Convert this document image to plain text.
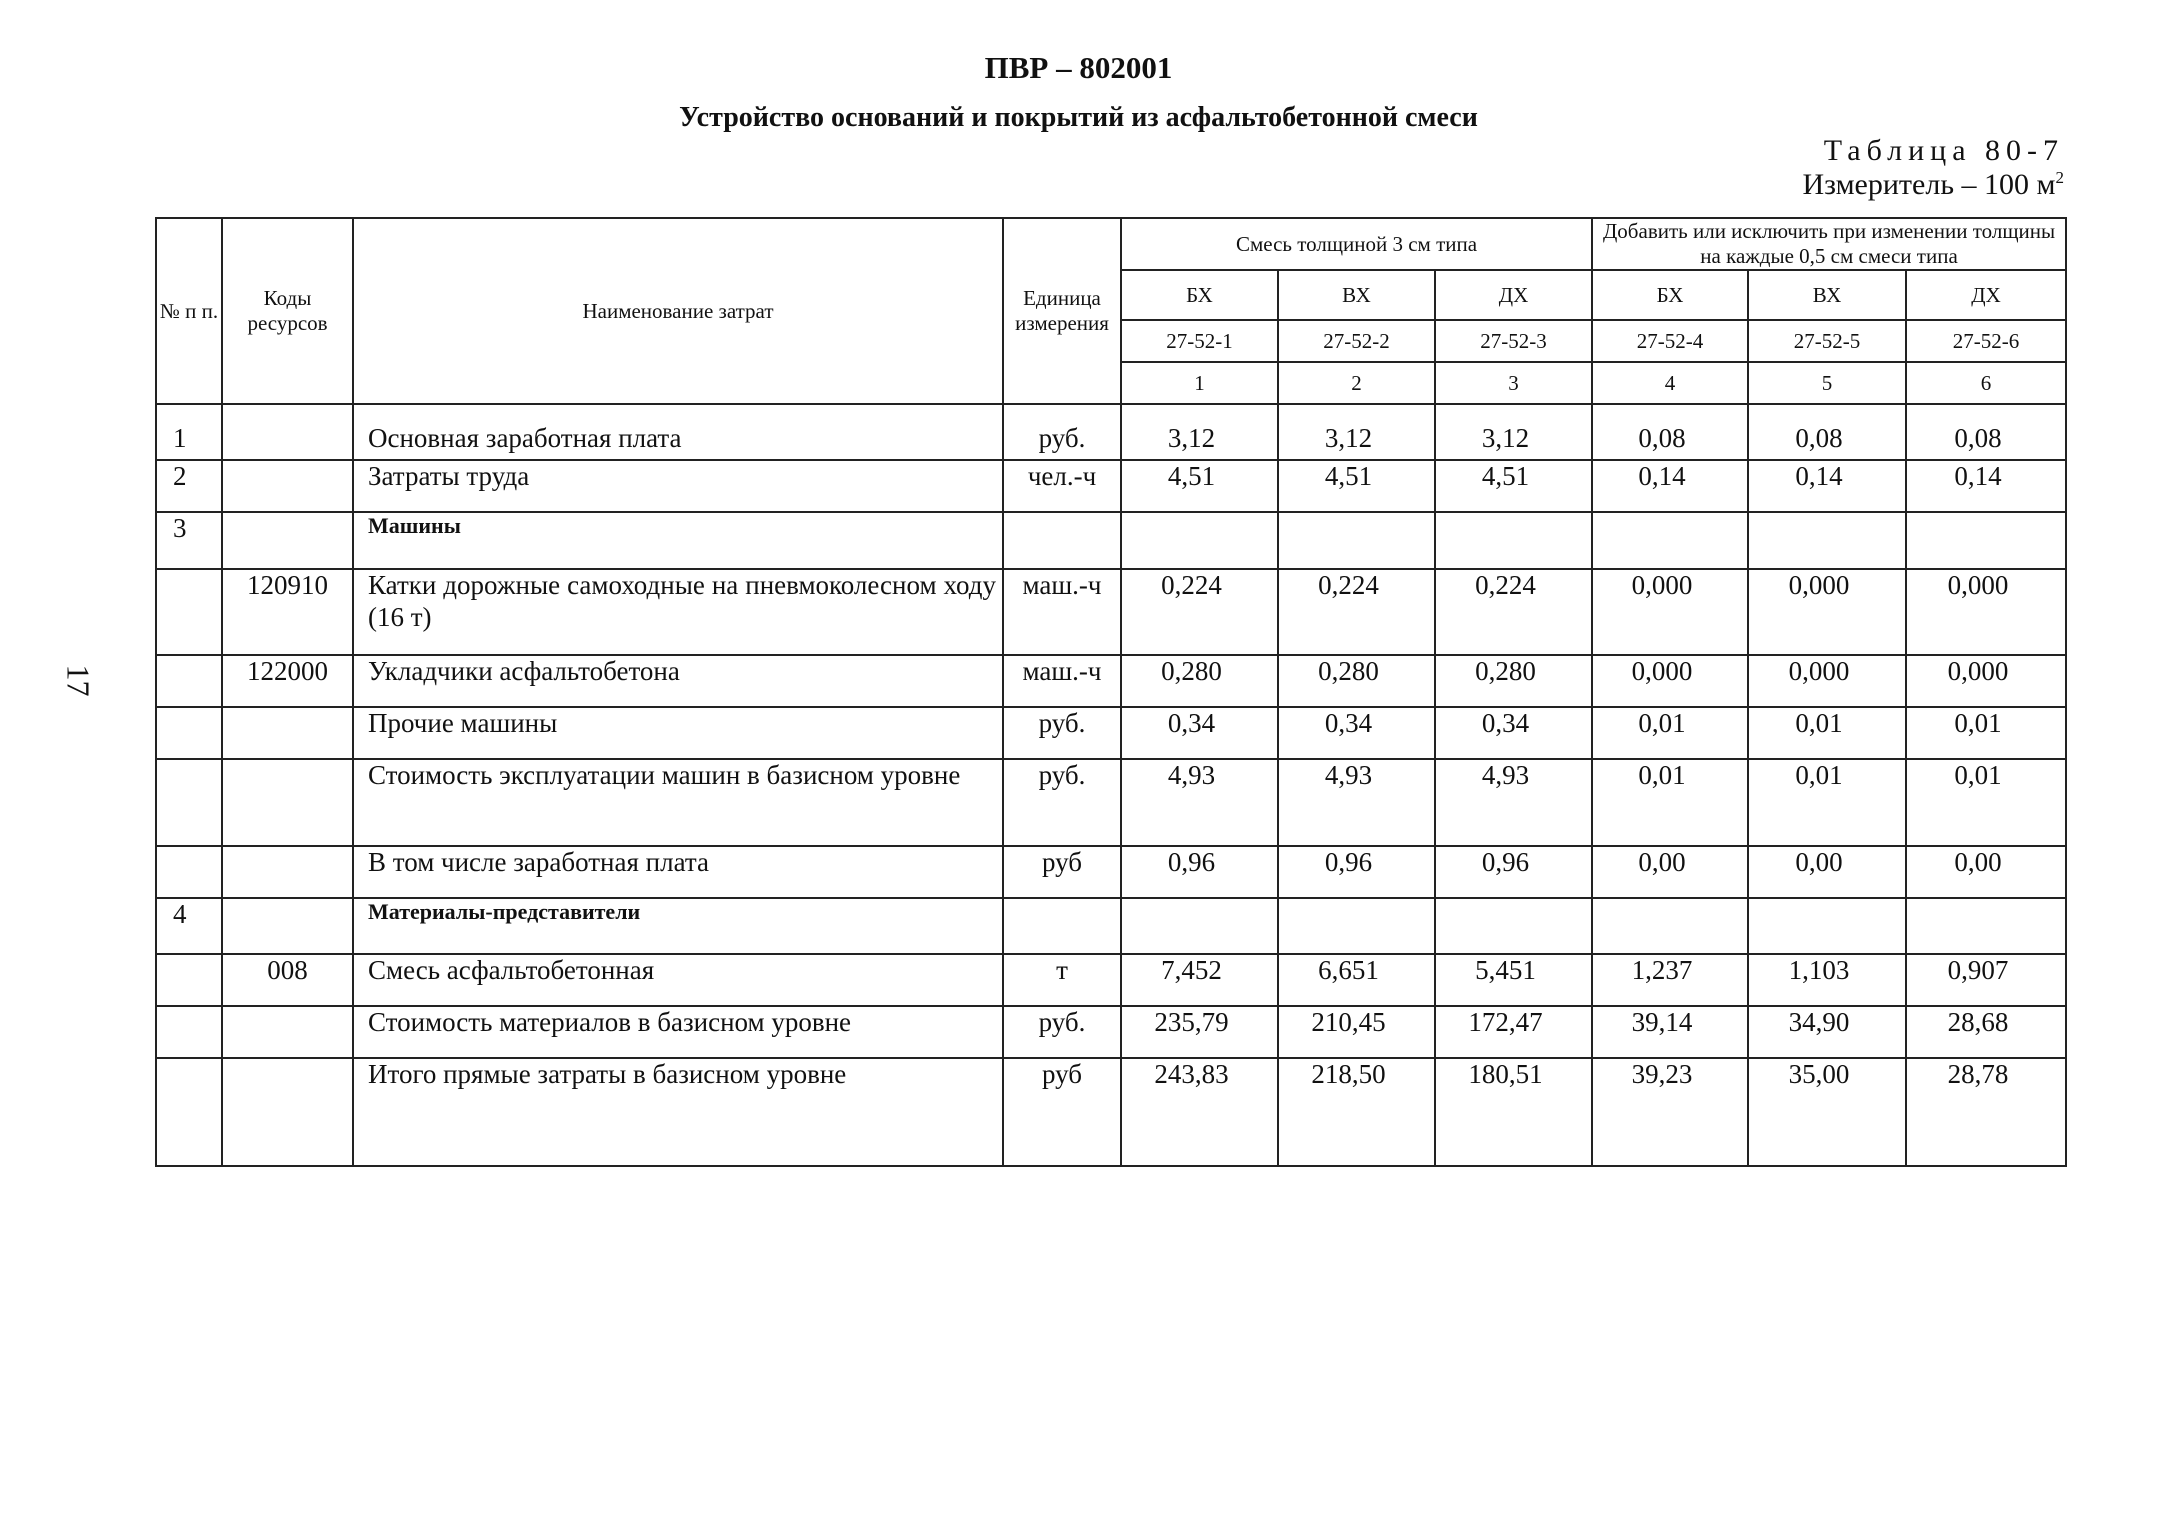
ПВР – 802001
Устройство оснований и покрытий из асфальтобетонной смеси
Таблица 80-7
Измеритель – 100 $м^2$
17
№ п п.	Коды ресурсов	Наименование затрат	Единица измерения	Смесь толщиной 3 см типа			Добавить или исключить при изменении толщины на каждые 0,5 см смеси типа		
				БХ	ВХ	ДХ	БХ	ВХ	ДХ
				27-52-1	27-52-2	27-52-3	27-52-4	27-52-5	27-52-6
				1	2	3	4	5	6
1		Основная заработная плата	руб.	3,12	3,12	3,12	0,08	0,08	0,08
2		Затраты труда	чел.-ч	4,51	4,51	4,51	0,14	0,14	0,14
3		Машины							
	120910	Катки дорожные самоходные на пневмоколесном ходу (16 т)	маш.-ч	0,224	0,224	0,224	0,000	0,000	0,000
	122000	Укладчики асфальтобетона	маш.-ч	0,280	0,280	0,280	0,000	0,000	0,000
		Прочие машины	руб.	0,34	0,34	0,34	0,01	0,01	0,01
		Стоимость эксплуатации машин в базисном уровне	руб.	4,93	4,93	4,93	0,01	0,01	0,01
		В том числе заработная плата	руб	0,96	0,96	0,96	0,00	0,00	0,00
4		Материалы-представители							
	008	Смесь асфальтобетонная	т	7,452	6,651	5,451	1,237	1,103	0,907
		Стоимость материалов в базисном уровне	руб.	235,79	210,45	172,47	39,14	34,90	28,68
		Итого прямые затраты в базисном уровне	руб	243,83	218,50	180,51	39,23	35,00	28,78
